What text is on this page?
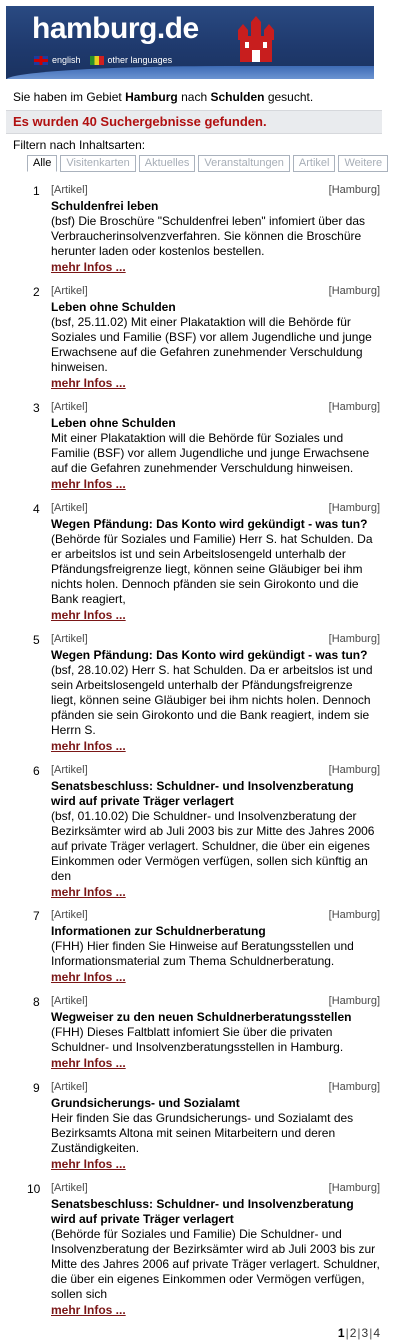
hamburg.de
english	other languages
Sie haben im Gebiet Hamburg nach Schulden gesucht.
Es wurden 40 Suchergebnisse gefunden.
Filtern nach Inhaltsarten:
Alle	Visitenkarten	Aktuelles	Veranstaltungen	Artikel	Weitere
1 [Artikel]	[Hamburg]
Schuldenfrei leben
(bsf) Die Broschüre "Schuldenfrei leben" infomiert über das Verbraucherinsolvenzverfahren. Sie können die Broschüre herunter laden oder kostenlos bestellen.
mehr Infos ...
2 [Artikel]	[Hamburg]
Leben ohne Schulden
(bsf, 25.11.02) Mit einer Plakataktion will die Behörde für Soziales und Familie (BSF) vor allem Jugendliche und junge Erwachsene auf die Gefahren zunehmender Verschuldung hinweisen.
mehr Infos ...
3 [Artikel]	[Hamburg]
Leben ohne Schulden
Mit einer Plakataktion will die Behörde für Soziales und Familie (BSF) vor allem Jugendliche und junge Erwachsene auf die Gefahren zunehmender Verschuldung hinweisen.
mehr Infos ...
4 [Artikel]	[Hamburg]
Wegen Pfändung: Das Konto wird gekündigt - was tun?
(Behörde für Soziales und Familie) Herr S. hat Schulden. Da er arbeitslos ist und sein Arbeitslosengeld unterhalb der Pfändungsfreigrenze liegt, können seine Gläubiger bei ihm nichts holen. Dennoch pfänden sie sein Girokonto und die Bank reagiert,
mehr Infos ...
5 [Artikel]	[Hamburg]
Wegen Pfändung: Das Konto wird gekündigt - was tun?
(bsf, 28.10.02) Herr S. hat Schulden. Da er arbeitslos ist und sein Arbeitslosengeld unterhalb der Pfändungsfreigrenze liegt, können seine Gläubiger bei ihm nichts holen. Dennoch pfänden sie sein Girokonto und die Bank reagiert, indem sie Herrn S.
mehr Infos ...
6 [Artikel]	[Hamburg]
Senatsbeschluss: Schuldner- und Insolvenzberatung wird auf private Träger verlagert
(bsf, 01.10.02) Die Schuldner- und Insolvenzberatung der Bezirksämter wird ab Juli 2003 bis zur Mitte des Jahres 2006 auf private Träger verlagert. Schuldner, die über ein eigenes Einkommen oder Vermögen verfügen, sollen sich künftig an den
mehr Infos ...
7 [Artikel]	[Hamburg]
Informationen zur Schuldnerberatung
(FHH) Hier finden Sie Hinweise auf Beratungsstellen und Informationsmaterial zum Thema Schuldnerberatung.
mehr Infos ...
8 [Artikel]	[Hamburg]
Wegweiser zu den neuen Schuldnerberatungsstellen
(FHH) Dieses Faltblatt infomiert Sie über die privaten Schuldner- und Insolvenzberatungsstellen in Hamburg.
mehr Infos ...
9 [Artikel]	[Hamburg]
Grundsicherungs- und Sozialamt
Heir finden Sie das Grundsicherungs- und Sozialamt des Bezirksamts Altona mit seinen Mitarbeitern und deren Zuständigkeiten.
mehr Infos ...
10 [Artikel]	[Hamburg]
Senatsbeschluss: Schuldner- und Insolvenzberatung wird auf private Träger verlagert
(Behörde für Soziales und Familie) Die Schuldner- und Insolvenzberatung der Bezirksämter wird ab Juli 2003 bis zur Mitte des Jahres 2006 auf private Träger verlagert. Schuldner, die über ein eigenes Einkommen oder Vermögen verfügen, sollen sich
mehr Infos ...
1 | 2 | 3 | 4
